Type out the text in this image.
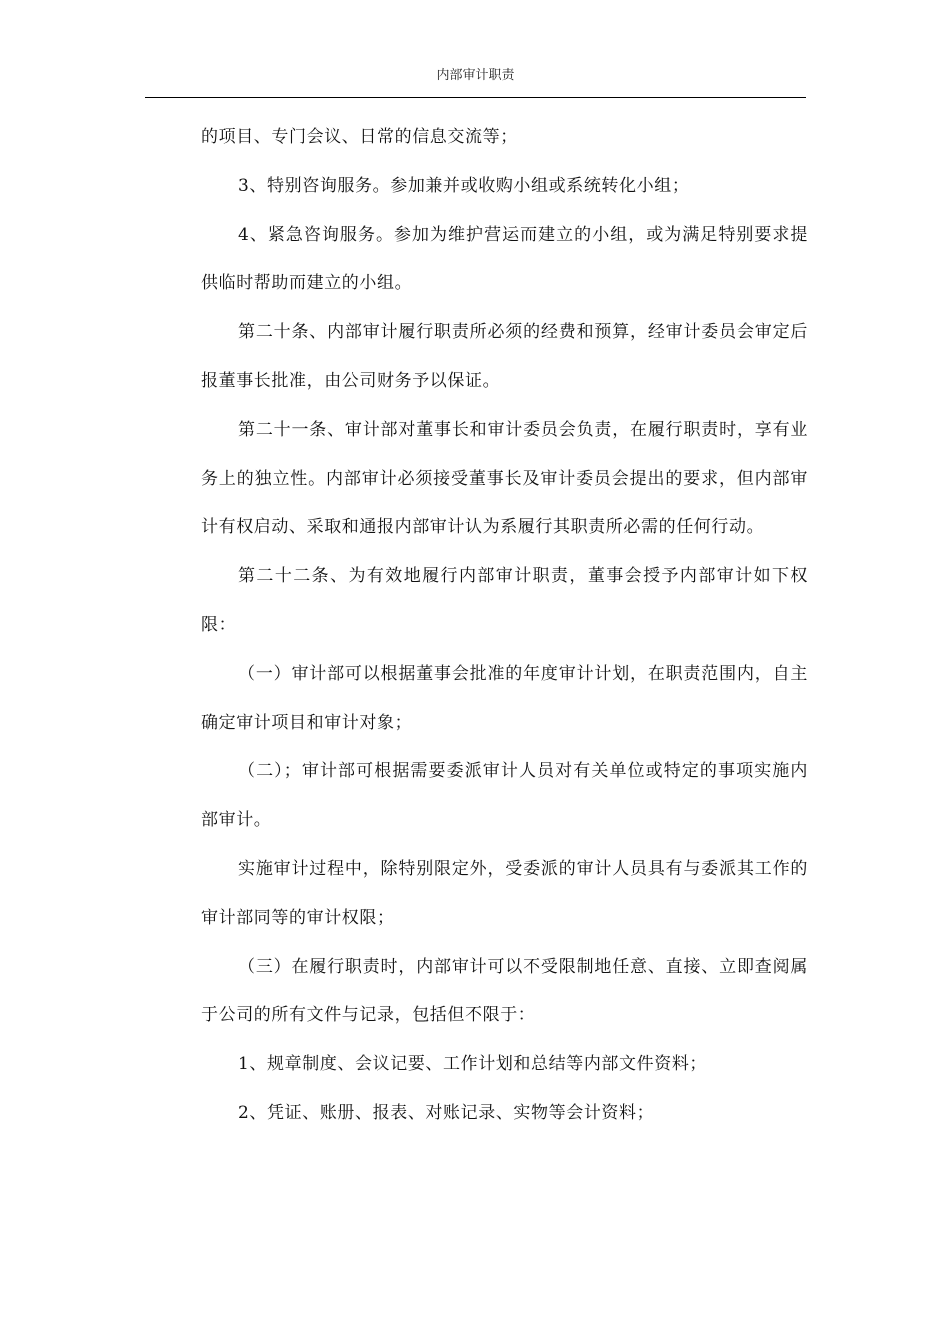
内部审计职责

的项目、专门会议、日常的信息交流等；

3、特别咨询服务。参加兼并或收购小组或系统转化小组；

4、紧急咨询服务。参加为维护营运而建立的小组，或为满足特别要求提供临时帮助而建立的小组。

第二十条、内部审计履行职责所必须的经费和预算，经审计委员会审定后报董事长批准，由公司财务予以保证。

第二十一条、审计部对董事长和审计委员会负责，在履行职责时，享有业务上的独立性。内部审计必须接受董事长及审计委员会提出的要求，但内部审计有权启动、采取和通报内部审计认为系履行其职责所必需的任何行动。

第二十二条、为有效地履行内部审计职责，董事会授予内部审计如下权限：

（一）审计部可以根据董事会批准的年度审计计划，在职责范围内，自主确定审计项目和审计对象；

（二）；审计部可根据需要委派审计人员对有关单位或特定的事项实施内部审计。

实施审计过程中，除特别限定外，受委派的审计人员具有与委派其工作的审计部同等的审计权限；

（三）在履行职责时，内部审计可以不受限制地任意、直接、立即查阅属于公司的所有文件与记录，包括但不限于：

1、规章制度、会议记要、工作计划和总结等内部文件资料；

2、凭证、账册、报表、对账记录、实物等会计资料；
